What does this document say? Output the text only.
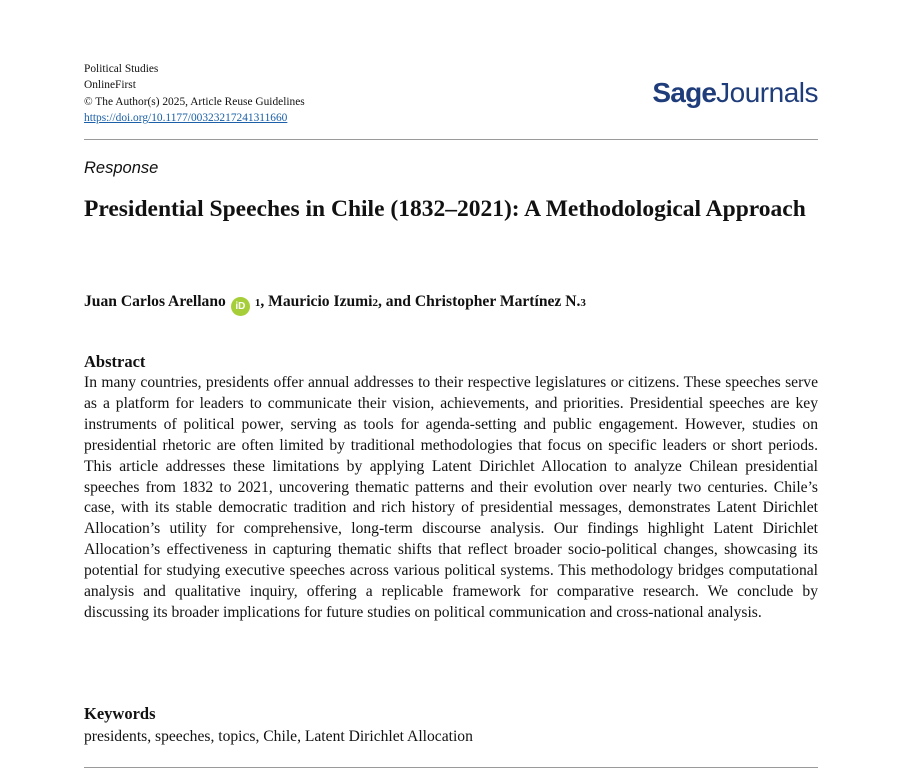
Political Studies
OnlineFirst
© The Author(s) 2025, Article Reuse Guidelines
https://doi.org/10.1177/00323217241311660
SageJournals
Response
Presidential Speeches in Chile (1832–2021): A Methodological Approach
Juan Carlos Arellano iD 1 , Mauricio Izumi 2 , and Christopher Martínez N. 3
Abstract

In many countries, presidents offer annual addresses to their respective legislatures or citizens. These speeches serve as a platform for leaders to communicate their vision, achievements, and priorities. Presidential speeches are key instruments of political power, serving as tools for agenda-setting and public engagement. However, studies on presidential rhetoric are often limited by traditional methodologies that focus on specific leaders or short periods. This article addresses these limitations by applying Latent Dirichlet Allocation to analyze Chilean presidential speeches from 1832 to 2021, uncovering thematic patterns and their evolution over nearly two centuries. Chile’s case, with its stable democratic tradition and rich history of presidential messages, demonstrates Latent Dirichlet Allocation’s utility for comprehensive, long-term discourse analysis. Our findings highlight Latent Dirichlet Allocation’s effectiveness in capturing thematic shifts that reflect broader socio-political changes, showcasing its potential for studying executive speeches across various political systems. This methodology bridges computational analysis and qualitative inquiry, offering a replicable framework for comparative research. We conclude by discussing its broader implications for future studies on political communication and cross-national analysis.

Keywords
presidents, speeches, topics, Chile, Latent Dirichlet Allocation
